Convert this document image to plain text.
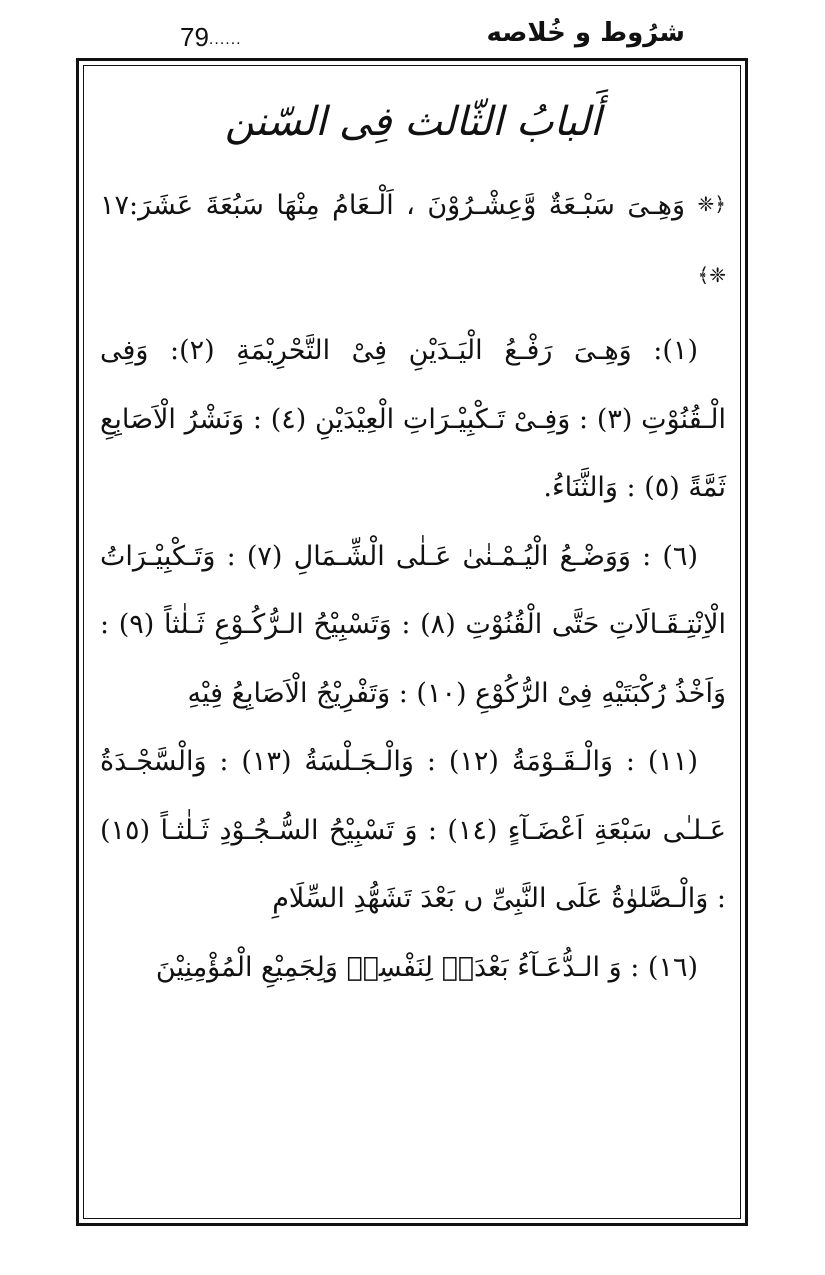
79......	شرُوط و خُلاصه
أَلبابُ الثّالث فِی السّنن

﴿❈ وَهِـیَ سَبْـعَةٌ وَّعِشْـرُوْنَ ، اَلْـعَامُ مِنْهَا سَبُعَةَ عَشَرَ:١٧ ❈﴾

(١): وَهِـیَ رَفْـعُ الْیَـدَیْنِ فِیْ التَّحْرِیْمَةِ (٢): وَفِی الْـقُنُوْتِ (٣) : وَفِـیْ تَـكْبِیْـرَاتِ الْعِیْدَیْنِ (٤) : وَنَشْرُ الْاَصَابِعِ ثَمَّةً (٥) : وَالثَّنَاءُ.

(٦) : وَوَضْـعُ الْیُـمْـنٰیٰ عَـلٰی الْشِّـمَالِ (٧) : وَتَـكْبِیْـرَاتُ الْاِنْتِـقَـالَاتِ حَتَّی الْقُنُوْتِ (٨) : وَتَسْبِیْحُ الـرُّكُـوْعِ ثَـلٰثاً (٩) : وَاَخْذُ رُكْبَتَیْهِ فِیْ الرُّكُوْعِ (١٠) : وَتَفْرِیْجُ الْاَصَابِعُ فِیْهِ

(١١) : وَالْـقَـوْمَةُ (١٢) : وَالْـجَـلْسَةُ (١٣) : وَالْسَّجْـدَةُ عَـلـٰی سَبْعَةِ اَعْضَـآءٍ (١٤) : وَ تَسْبِیْحُ السُّـجُـوْدِ ثَـلٰثـاً (١٥) : وَالْـصَّلوٰةُ عَلَی النَّبِیِّ ں بَعْدَ تَشَهُّدِ السِّلَامِ

(١٦) : وَ الـدُّعَـآءُ بَعْدَہٗ لِنَفْسِهٖ وَلِجَمِیْعِ الْمُؤْمِنِیْنَ
